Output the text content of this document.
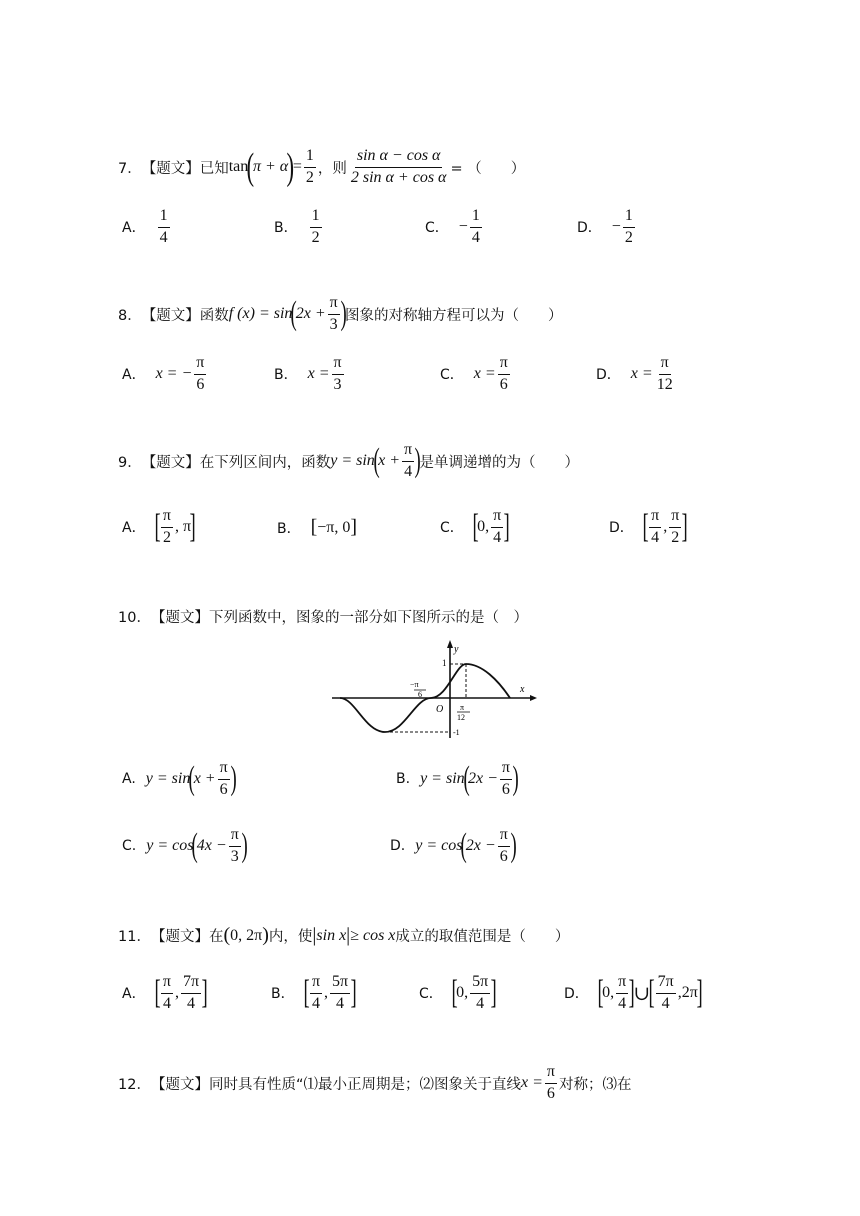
7． 【题文】 已知 tan
(
π + α
)
= $\frac{1}{2}$ ，则 $\frac{\text{sin α − cos α}}{\text{2 sin α + cos α}}$ = （　　）
A． $\frac{1}{4}$	B． $\frac{1}{2}$	C． − $\frac{1}{4}$	D． − $\frac{1}{2}$
8． 【题文】 函数 f (x) = sin
(
$2x + \frac{\pi}{3}$ )
图象的对称轴方程可以为（　　）
A． x = − $\frac{\pi}{6}$	B． $x = \frac{\pi}{3}$	C． $x = \frac{\pi}{6}$	D． $x = \frac{\pi}{12}$
9． 【题文】 在下列区间内，函数 y = sin
(
$x + \frac{\pi}{4}$ )
是单调递增的为（　　）
A． [ $\frac{\pi}{2}$ , π
]	B． [ −π, 0 ]	C． [
0, $\frac{\pi}{4}$ ]	D． [ $\frac{\pi}{4}$ , $\frac{\pi}{2}$ ]
10． 【题文】 下列函数中，图象的一部分如下图所示的是（　）
y
x
1
O
−π
6
π
12
-1
A. y = sin
(
$x + \frac{\pi}{6}$ )	B. y = sin
(
$2x - \frac{\pi}{6}$ )
C. y = cos
(
$4x - \frac{\pi}{3}$ )	D. y = cos
(
$2x - \frac{\pi}{6}$ )
11． 【题文】 在 ( 0, 2π ) 内，使 | sin x | ≥ cos x 成立的取值范围是（　　）
A． [ $\frac{\pi}{4}$ , $\frac{7\pi}{4}$ ]	B． [ $\frac{\pi}{4}$ , $\frac{5\pi}{4}$ ]	C． [
0, $\frac{5\pi}{4}$ ]	D． [
0, $\frac{\pi}{4}$ ]
∪
[ $\frac{7\pi}{4}$ , 2π
]
12． 【题文】 同时具有性质“⑴最小正周期是；⑵图象关于直线 $x = \frac{\pi}{6}$ 对称；⑶在
